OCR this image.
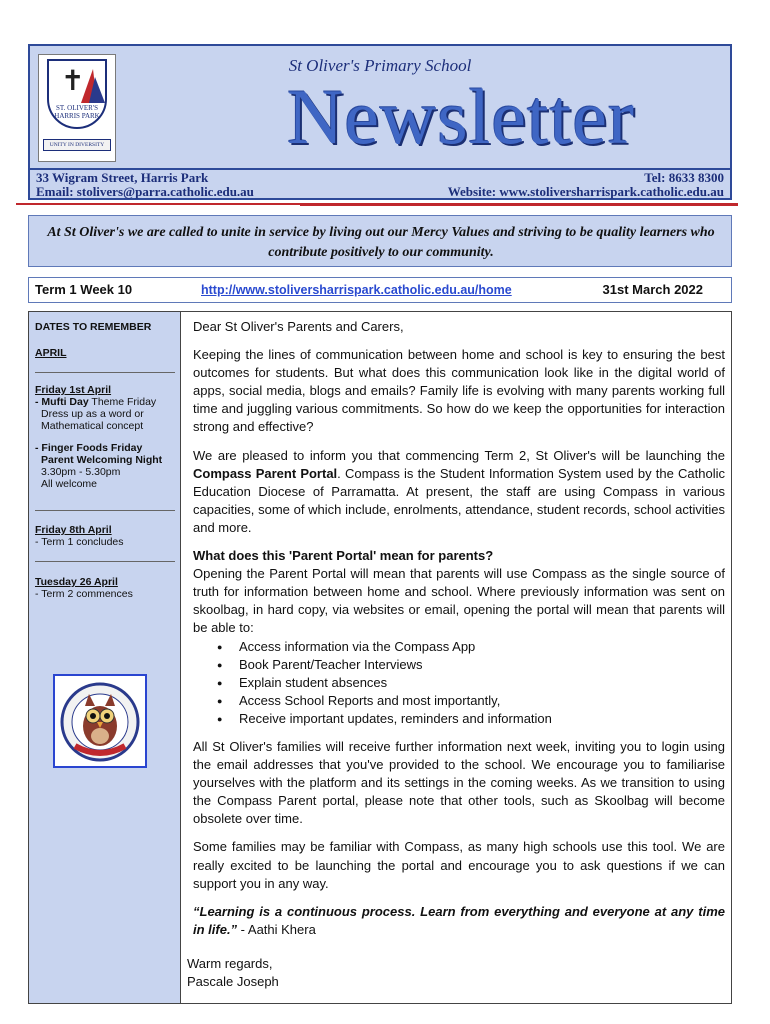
✝
ST. OLIVER'S
HARRIS PARK
UNITY IN DIVERSITY
St Oliver's Primary School
Newsletter
33 Wigram Street, Harris Park	Tel: 8633 8300
Email: stolivers@parra.catholic.edu.au	Website: www.stoliversharrispark.catholic.edu.au

At St Oliver's we are called to unite in service by living out our Mercy Values and striving to be quality learners who contribute positively to our community.

Term 1 Week 10	http://www.stoliversharrispark.catholic.edu.au/home	31st March 2022
DATES TO REMEMBER
APRIL
Friday 1st April
- Mufti Day Theme Friday
Dress up as a word or
Mathematical concept
- Finger Foods Friday
Parent Welcoming Night
3.30pm - 5.30pm
All welcome
Friday 8th April
- Term 1 concludes
Tuesday 26 April
- Term 2 commences

Dear St Oliver's Parents and Carers,

Keeping the lines of communication between home and school is key to ensuring the best outcomes for students. But what does this communication look like in the digital world of apps, social media, blogs and emails? Family life is evolving with many parents working full time and juggling various commitments. So how do we keep the opportunities for interaction strong and effective?

We are pleased to inform you that commencing Term 2, St Oliver's will be launching the Compass Parent Portal. Compass is the Student Information System used by the Catholic Education Diocese of Parramatta. At present, the staff are using Compass in various capacities, some of which include, enrolments, attendance, student records, school activities and more.

What does this 'Parent Portal' mean for parents?

Opening the Parent Portal will mean that parents will use Compass as the single source of truth for information between home and school. Where previously information was sent on skoolbag, in hard copy, via websites or email, opening the portal will mean that parents will be able to:

● Access information via the Compass App
● Book Parent/Teacher Interviews
● Explain student absences
● Access School Reports and most importantly,
● Receive important updates, reminders and information

All St Oliver's families will receive further information next week, inviting you to login using the email addresses that you've provided to the school. We encourage you to familiarise yourselves with the platform and its settings in the coming weeks. As we transition to using the Compass Parent portal, please note that other tools, such as Skoolbag will become obsolete over time.

Some families may be familiar with Compass, as many high schools use this tool. We are really excited to be launching the portal and encourage you to ask questions if we can support you in any way.

“Learning is a continuous process. Learn from everything and everyone at any time in life.” - Aathi Khera

Warm regards,

Pascale Joseph
